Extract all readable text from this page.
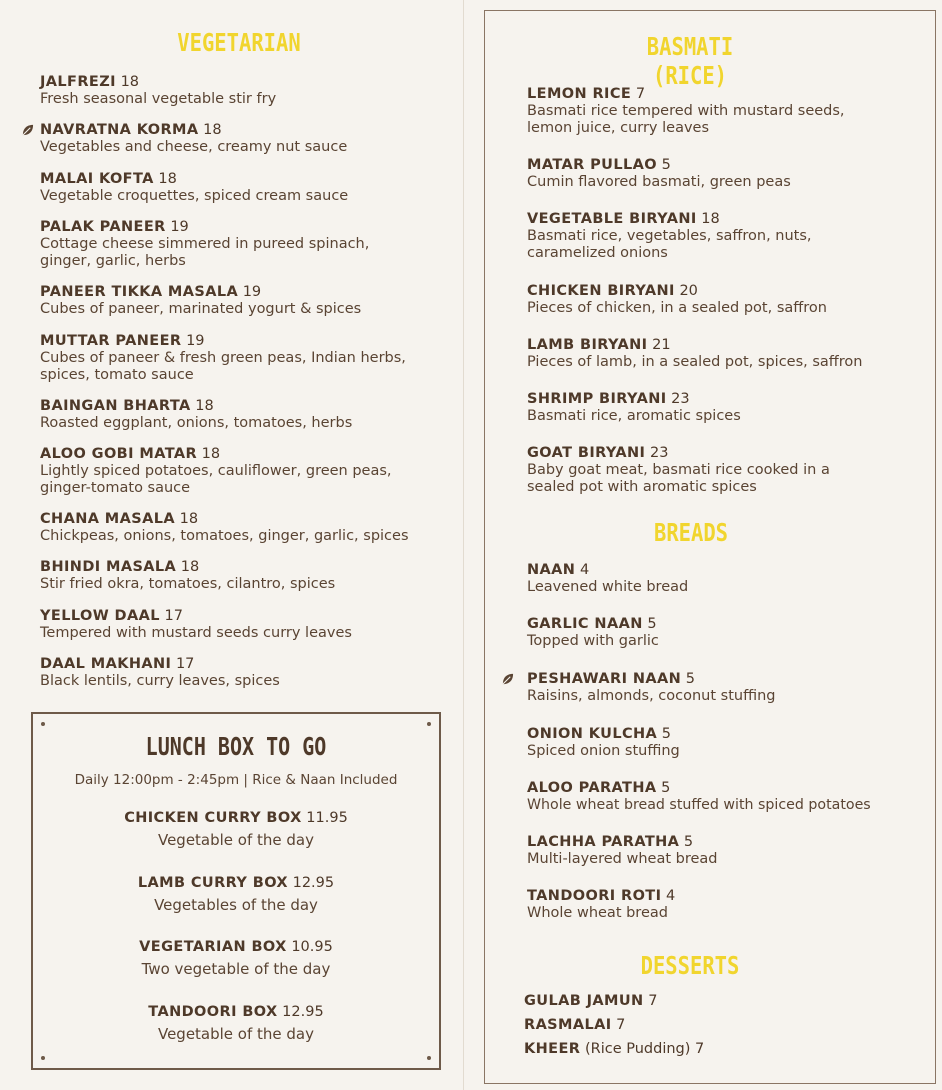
VEGETARIAN
JALFREZI 18
Fresh seasonal vegetable stir fry
NAVRATNA KORMA 18
Vegetables and cheese, creamy nut sauce
MALAI KOFTA 18
Vegetable croquettes, spiced cream sauce
PALAK PANEER 19
Cottage cheese simmered in pureed spinach,
ginger, garlic, herbs
PANEER TIKKA MASALA 19
Cubes of paneer, marinated yogurt & spices
MUTTAR PANEER 19
Cubes of paneer & fresh green peas, Indian herbs,
spices, tomato sauce
BAINGAN BHARTA 18
Roasted eggplant, onions, tomatoes, herbs
ALOO GOBI MATAR 18
Lightly spiced potatoes, cauliflower, green peas,
ginger-tomato sauce
CHANA MASALA 18
Chickpeas, onions, tomatoes, ginger, garlic, spices
BHINDI MASALA 18
Stir fried okra, tomatoes, cilantro, spices
YELLOW DAAL 17
Tempered with mustard seeds curry leaves
DAAL MAKHANI 17
Black lentils, curry leaves, spices
LUNCH BOX TO GO
Daily 12:00pm - 2:45pm | Rice & Naan Included
CHICKEN CURRY BOX 11.95
Vegetable of the day
LAMB CURRY BOX 12.95
Vegetables of the day
VEGETARIAN BOX 10.95
Two vegetable of the day
TANDOORI BOX 12.95
Vegetable of the day
BASMATI (RICE)
LEMON RICE 7
Basmati rice tempered with mustard seeds,
lemon juice, curry leaves
MATAR PULLAO 5
Cumin flavored basmati, green peas
VEGETABLE BIRYANI 18
Basmati rice, vegetables, saffron, nuts,
caramelized onions
CHICKEN BIRYANI 20
Pieces of chicken, in a sealed pot, saffron
LAMB BIRYANI 21
Pieces of lamb, in a sealed pot, spices, saffron
SHRIMP BIRYANI 23
Basmati rice, aromatic spices
GOAT BIRYANI 23
Baby goat meat, basmati rice cooked in a
sealed pot with aromatic spices
BREADS
NAAN 4
Leavened white bread
GARLIC NAAN 5
Topped with garlic
PESHAWARI NAAN 5
Raisins, almonds, coconut stuffing
ONION KULCHA 5
Spiced onion stuffing
ALOO PARATHA 5
Whole wheat bread stuffed with spiced potatoes
LACHHA PARATHA 5
Multi-layered wheat bread
TANDOORI ROTI 4
Whole wheat bread
DESSERTS
GULAB JAMUN 7
RASMALAI 7
KHEER (Rice Pudding) 7
